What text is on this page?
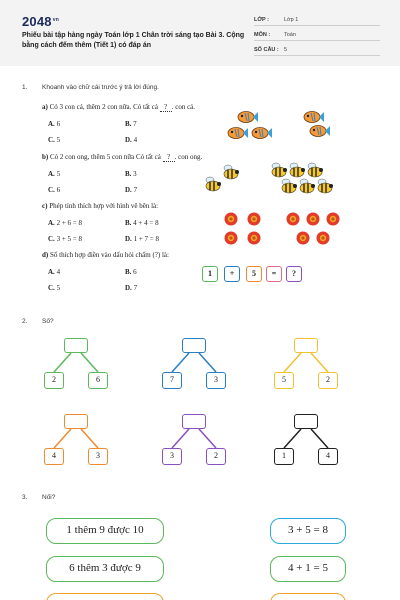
$2048^{vn}$
Phiếu bài tập hàng ngày Toán lớp 1 Chân trời sáng tạo Bài 3. Cộng bằng cách đếm thêm (Tiết 1) có đáp án
LỚP :	Lớp 1
MÔN :	Toán
SỐ CÂU : 5
1. Khoanh vào chữ cái trước ý trả lời đúng.
a) Có 3 con cá, thêm 2 con nữa. Có tất cả ? . con cá.
A. 6	B. 7
C. 5	D. 4
b) Có 2 con ong, thêm 5 con nữa Có tất cả ? . con ong.
A. 5	B. 3
C. 6	D. 7
c) Phép tính thích hợp với hình vẽ bên là:
A. 2 + 6 = 8	B. 4 + 4 = 8
C. 3 + 5 = 8	D. 1 + 7 = 8
d) Số thích hợp điền vào dấu hỏi chấm (?) là:
A. 4	B. 6
C. 5	D. 7
1	+	5	=	?
2. Số?
2	6	7	3	5	2
4	3	3	2	1	4
3. Nối?
1 thêm 9 được 10
6 thêm 3 được 9
3 + 5 = 8
4 + 1 = 5
